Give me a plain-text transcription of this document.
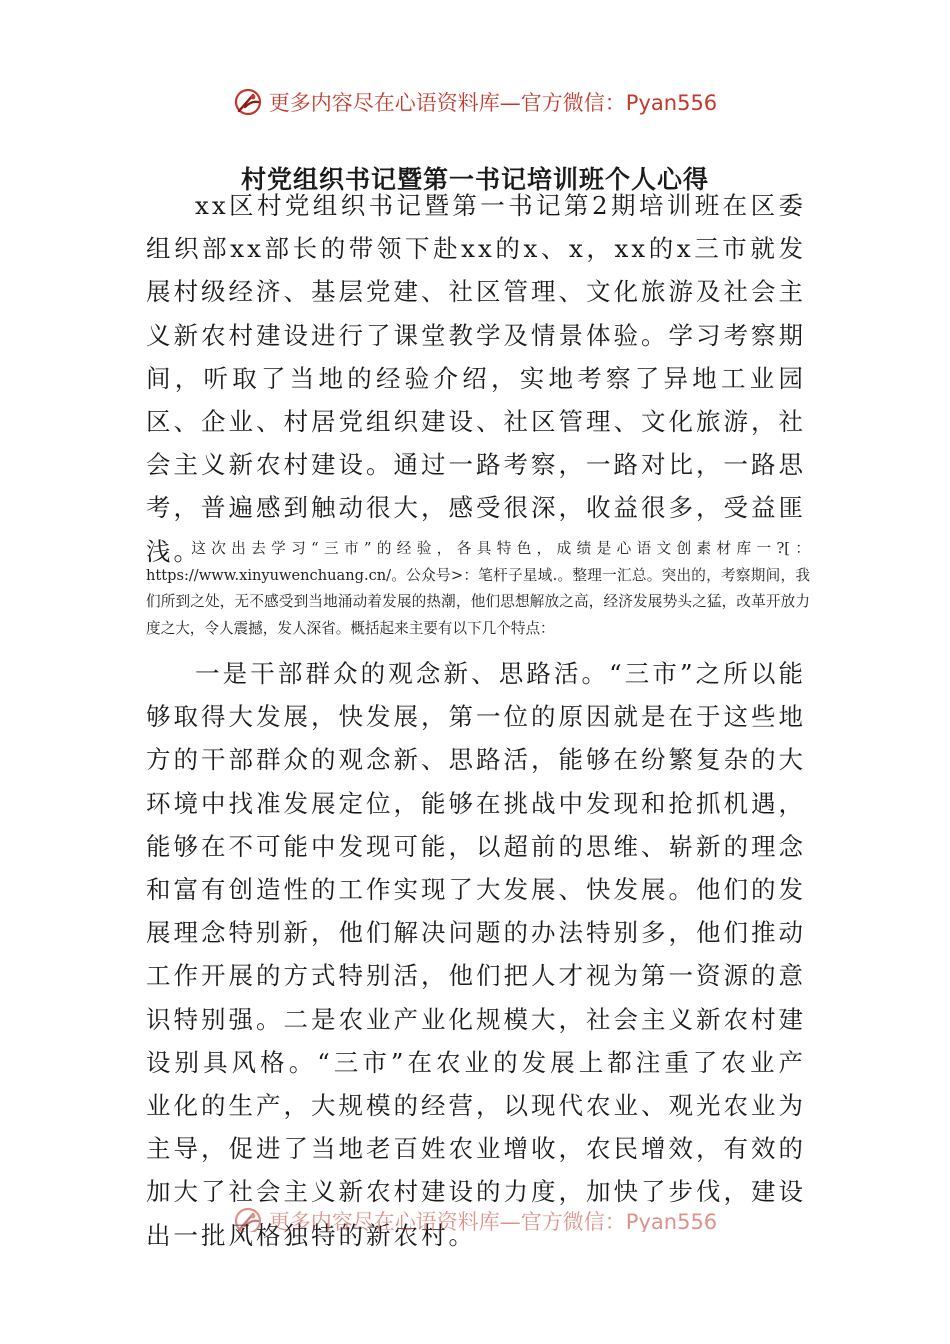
更多内容尽在心语资料库—官方微信：Pyan556
村党组织书记暨第一书记培训班个人心得

xx区村党组织书记暨第一书记第2期培训班在区委组织部xx部长的带领下赴xx的x、x，xx的x三市就发展村级经济、基层党建、社区管理、文化旅游及社会主义新农村建设进行了课堂教学及情景体验。学习考察期间，听取了当地的经验介绍，实地考察了异地工业园区、企业、村居党组织建设、社区管理、文化旅游，社会主义新农村建设。通过一路考察，一路对比，一路思考，普遍感到触动很大，感受很深，收益很多，受益匪浅。

这次出去学习“三市”的经验，各具特色，成绩是心语文创素材库一?[：https://www.xinyuwenchuang.cn/。公众号>：笔杆子星域.。整理一汇总。突出的，考察期间，我们所到之处，无不感受到当地涌动着发展的热潮，他们思想解放之高，经济发展势头之猛，改革开放力度之大，令人震撼，发人深省。概括起来主要有以下几个特点：

一是干部群众的观念新、思路活。“三市”之所以能够取得大发展，快发展，第一位的原因就是在于这些地方的干部群众的观念新、思路活，能够在纷繁复杂的大环境中找准发展定位，能够在挑战中发现和抢抓机遇，能够在不可能中发现可能，以超前的思维、崭新的理念和富有创造性的工作实现了大发展、快发展。他们的发展理念特别新，他们解决问题的办法特别多，他们推动工作开展的方式特别活，他们把人才视为第一资源的意识特别强。二是农业产业化规模大，社会主义新农村建设别具风格。“三市”在农业的发展上都注重了农业产业化的生产，大规模的经营，以现代农业、观光农业为主导，促进了当地老百姓农业增收，农民增效，有效的加大了社会主义新农村建设的力度，加快了步伐，建设出一批风格独特的新农村。

更多内容尽在心语资料库—官方微信：Pyan556
